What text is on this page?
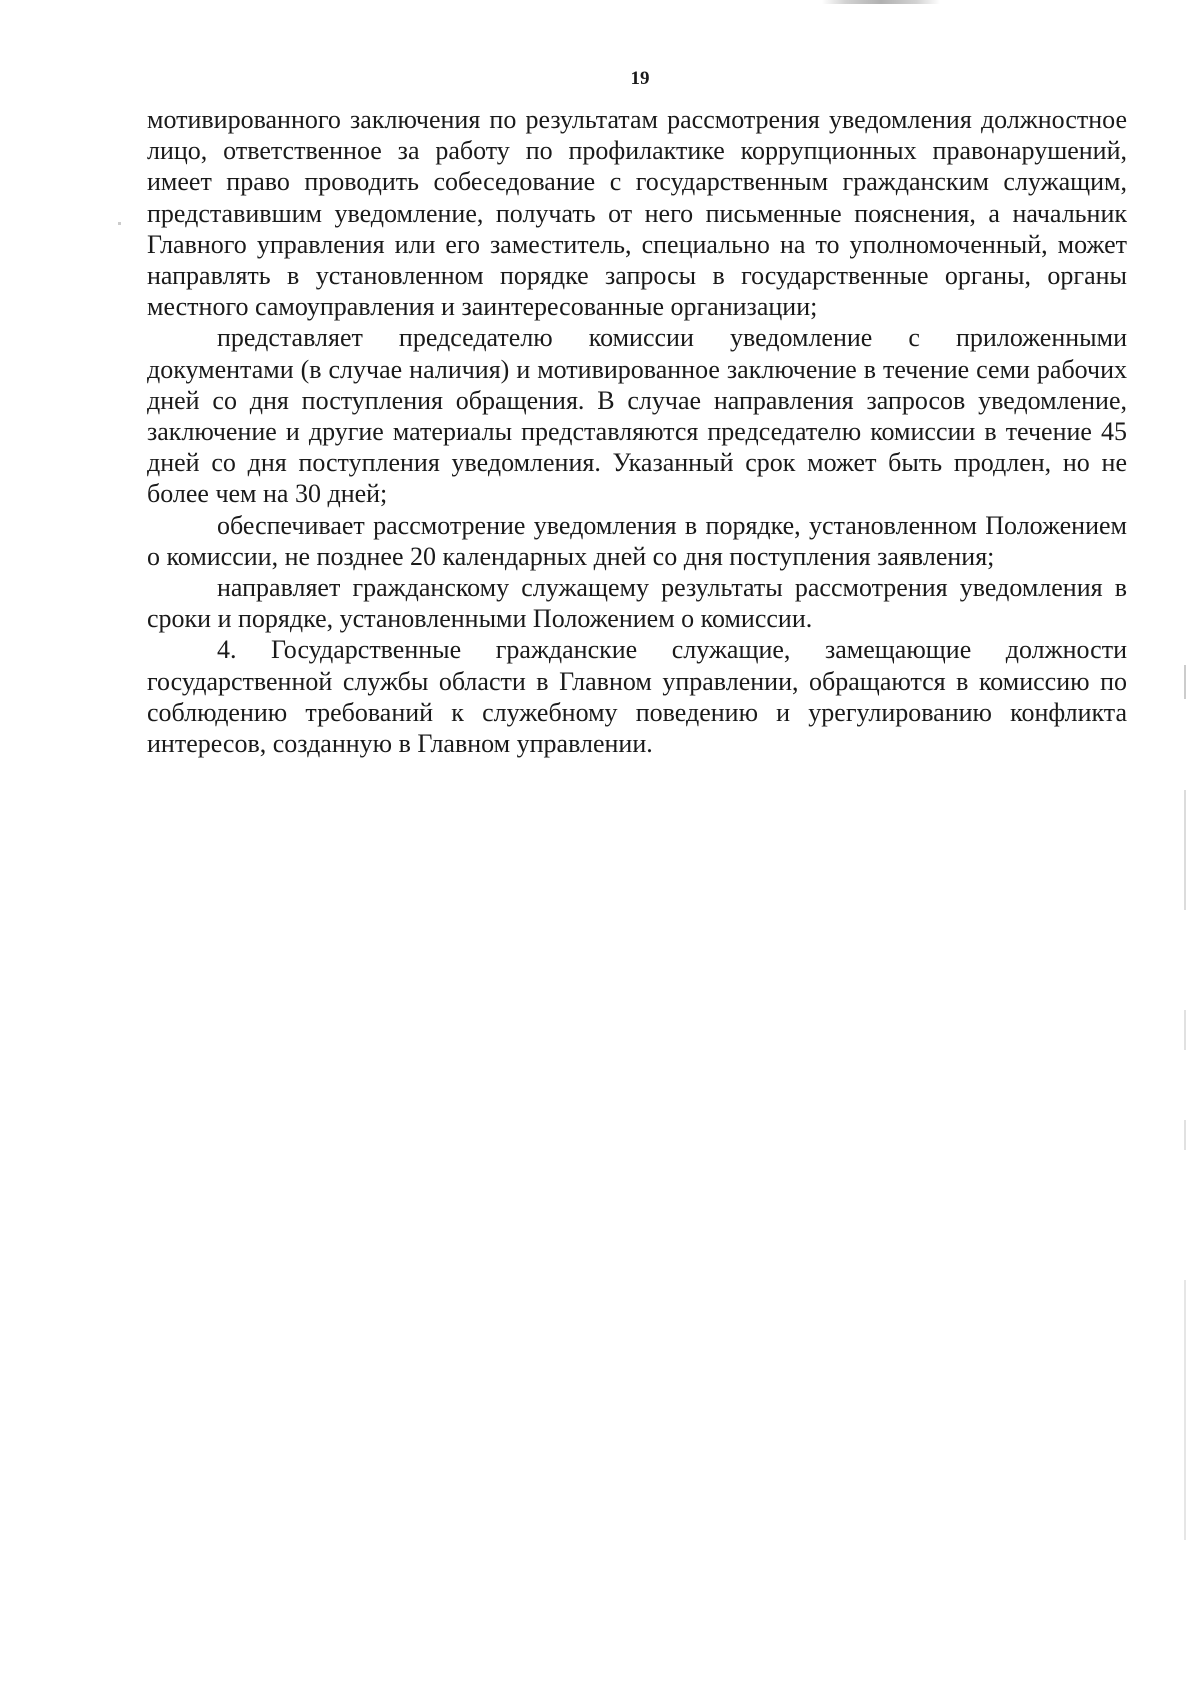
19

мотивированного заключения по результатам рассмотрения уведомления должностное лицо, ответственное за работу по профилактике коррупционных правонарушений, имеет право проводить собеседование с государственным гражданским служащим, представившим уведомление, получать от него письменные пояснения, а начальник Главного управления или его заместитель, специально на то уполномоченный, может направлять в установленном порядке запросы в государственные органы, органы местного самоуправления и заинтересованные организации;

представляет председателю комиссии уведомление с приложенными документами (в случае наличия) и мотивированное заключение в течение семи рабочих дней со дня поступления обращения. В случае направления запросов уведомление, заключение и другие материалы представляются председателю комиссии в течение 45 дней со дня поступления уведомления. Указанный срок может быть продлен, но не более чем на 30 дней;

обеспечивает рассмотрение уведомления в порядке, установленном Положением о комиссии, не позднее 20 календарных дней со дня поступления заявления;

направляет гражданскому служащему результаты рассмотрения уведомления в сроки и порядке, установленными Положением о комиссии.

4. Государственные гражданские служащие, замещающие должности государственной службы области в Главном управлении, обращаются в комиссию по соблюдению требований к служебному поведению и урегулированию конфликта интересов, созданную в Главном управлении.
